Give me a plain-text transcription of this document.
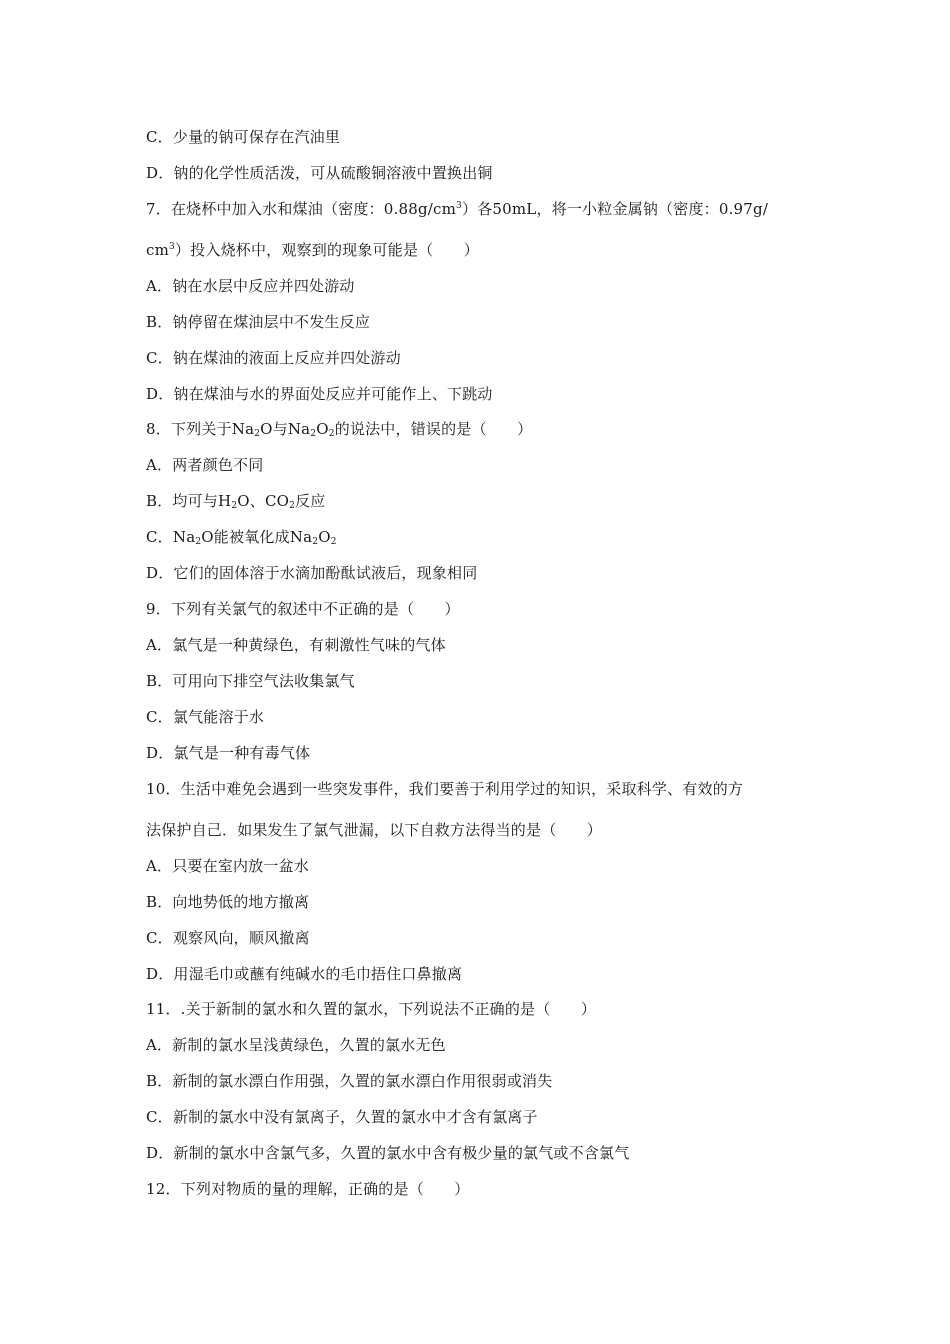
C．少量的钠可保存在汽油里
D．钠的化学性质活泼，可从硫酸铜溶液中置换出铜
7．在烧杯中加入水和煤油（密度：$0.88g/cm^3$）各50mL，将一小粒金属钠（密度：0.97g/
$cm^3$）投入烧杯中，观察到的现象可能是（　　）
A．钠在水层中反应并四处游动
B．钠停留在煤油层中不发生反应
C．钠在煤油的液面上反应并四处游动
D．钠在煤油与水的界面处反应并可能作上、下跳动
8．下列关于$Na_2O$与$Na_2O_2$的说法中，错误的是（　　）
A．两者颜色不同
B．均可与$H_2O$、$CO_2$反应
C．$Na_2O$能被氧化成$Na_2O_2$
D．它们的固体溶于水滴加酚酞试液后，现象相同
9．下列有关氯气的叙述中不正确的是（　　）
A．氯气是一种黄绿色，有刺激性气味的气体
B．可用向下排空气法收集氯气
C．氯气能溶于水
D．氯气是一种有毒气体
10．生活中难免会遇到一些突发事件，我们要善于利用学过的知识，采取科学、有效的方
法保护自己．如果发生了氯气泄漏，以下自救方法得当的是（　　）
A．只要在室内放一盆水
B．向地势低的地方撤离
C．观察风向，顺风撤离
D．用湿毛巾或蘸有纯碱水的毛巾捂住口鼻撤离
11．.关于新制的氯水和久置的氯水，下列说法不正确的是（　　）
A．新制的氯水呈浅黄绿色，久置的氯水无色
B．新制的氯水漂白作用强，久置的氯水漂白作用很弱或消失
C．新制的氯水中没有氯离子，久置的氯水中才含有氯离子
D．新制的氯水中含氯气多，久置的氯水中含有极少量的氯气或不含氯气
12．下列对物质的量的理解，正确的是（　　）
